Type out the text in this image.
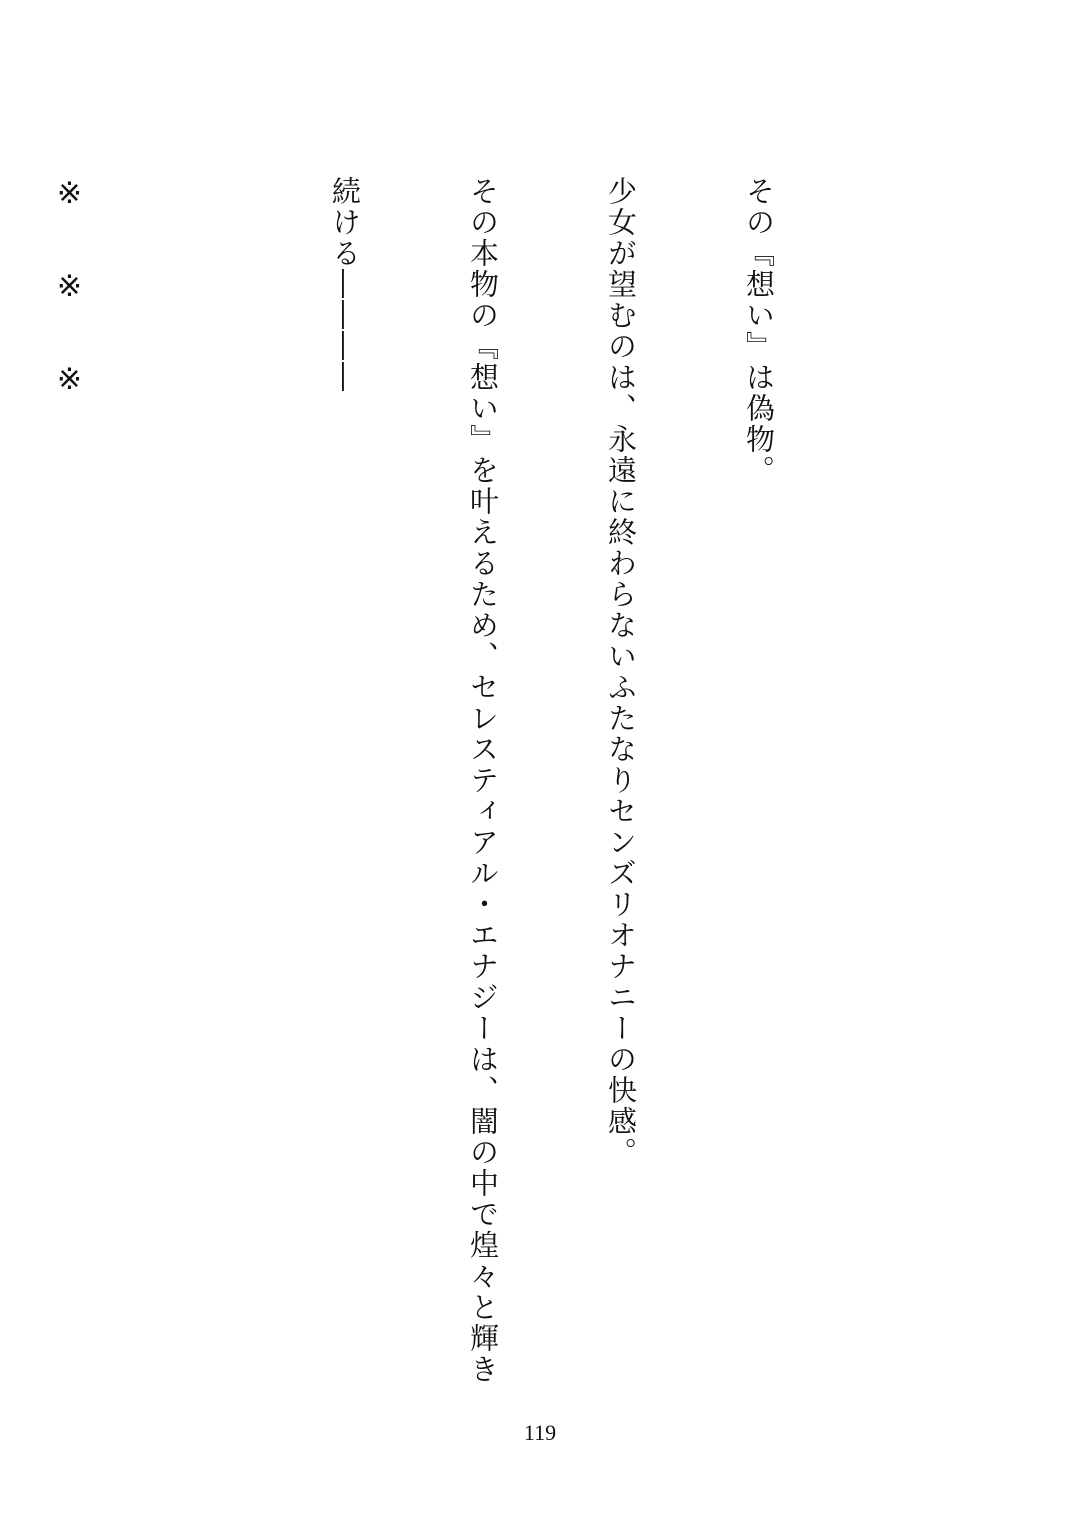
その『想い』は偽物。

少女が望むのは、永遠に終わらないふたなりセンズリオナニーの快感。

その本物の『想い』を叶えるため、セレスティアル・エナジーは、闇の中で煌々と輝き

続ける――――

※　※　※

119
